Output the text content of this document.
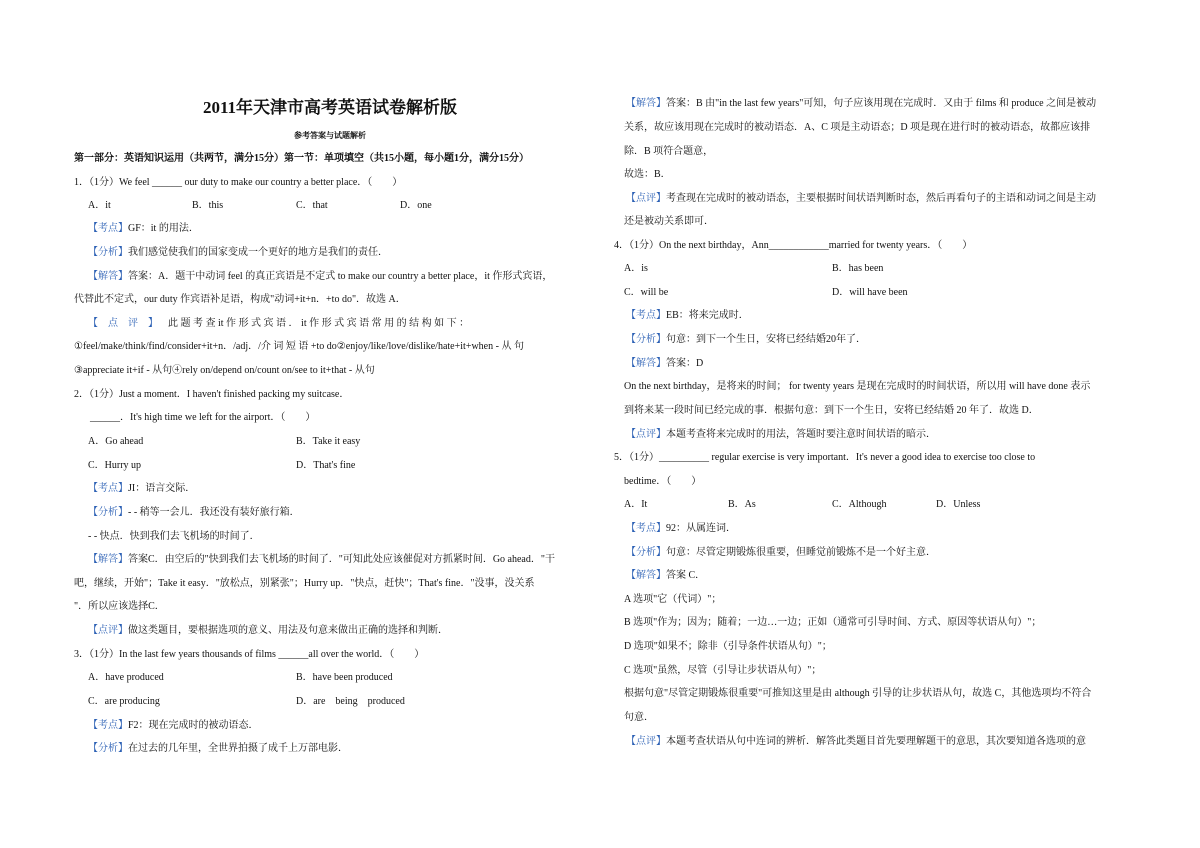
2011年天津市高考英语试卷解析版
参考答案与试题解析
第一部分：英语知识运用（共两节，满分15分）第一节：单项填空（共15小题，每小题1分，满分15分）
1．（1分）We feel ______ our duty to make our country a better place．（　　）
A．it	B．this	C．that	D．one
【考点】GF：it 的用法．
【分析】我们感觉使我们的国家变成一个更好的地方是我们的责任．
【解答】答案：A．题干中动词 feel 的真正宾语是不定式 to make our country a better place，it 作形式宾语，
代替此不定式，our duty 作宾语补足语，构成"动词+it+n．+to do"．故选 A．
【　点　评　】 此 题 考 查 it 作 形 式 宾 语 ． it 作 形 式 宾 语 常 用 的 结 构 如 下 ：
①feel/make/think/find/consider+it+n．/adj．/介 词 短 语 +to do②enjoy/like/love/dislike/hate+it+when - 从 句
③appreciate it+if - 从句④rely on/depend on/count on/see to it+that - 从句
2．（1分）Just a moment．I haven't finished packing my suitcase．
______．It's high time we left for the airport．（　　）
A．Go ahead	B．Take it easy
C．Hurry up	D．That's fine
【考点】JI：语言交际．
【分析】- - 稍等一会儿．我还没有装好旅行箱．
- - 快点．快到我们去飞机场的时间了．
【解答】答案C．由空后的"快到我们去飞机场的时间了．"可知此处应该催促对方抓紧时间．Go ahead．"干
吧，继续，开始"；Take it easy．"放松点，别紧张"；Hurry up．"快点，赶快"；That's fine．"没事，没关系
"．所以应该选择C．
【点评】做这类题目，要根据选项的意义、用法及句意来做出正确的选择和判断．
3．（1分）In the last few years thousands of films ______all over the world．（　　）
A．have produced	B．have been produced
C．are producing	D．are　being　produced
【考点】F2：现在完成时的被动语态．
【分析】在过去的几年里，全世界拍摄了成千上万部电影．
【解答】答案：B 由"in the last few years"可知，句子应该用现在完成时．又由于 films 和 produce 之间是被动
关系，故应该用现在完成时的被动语态．A、C 项是主动语态；D 项是现在进行时的被动语态，故都应该排
除．B 项符合题意，
故选：B．
【点评】考查现在完成时的被动语态，主要根据时间状语判断时态，然后再看句子的主语和动词之间是主动
还是被动关系即可．
4．（1分）On the next birthday，Ann____________married for twenty years．（　　）
A．is	B．has been
C．will be	D．will have been
【考点】EB：将来完成时．
【分析】句意：到下一个生日，安将已经结婚20年了．
【解答】答案：D
On the next birthday，是将来的时间； for twenty years 是现在完成时的时间状语，所以用 will have done 表示
到将来某一段时间已经完成的事．根据句意：到下一个生日，安将已经结婚 20 年了．故选 D．
【点评】本题考查将来完成时的用法，答题时要注意时间状语的暗示．
5．（1分）__________ regular exercise is very important．It's never a good idea to exercise too close to
bedtime．（　　）
A．It	B．As	C．Although	D．Unless
【考点】92：从属连词．
【分析】句意：尽管定期锻炼很重要，但睡觉前锻炼不是一个好主意．
【解答】答案 C．
A 选项"它（代词）"；
B 选项"作为；因为；随着；一边…一边；正如（通常可引导时间、方式、原因等状语从句）"；
D 选项"如果不；除非（引导条件状语从句）"；
C 选项"虽然，尽管（引导让步状语从句）"；
根据句意"尽管定期锻炼很重要"可推知这里是由 although 引导的让步状语从句，故选 C，其他选项均不符合
句意．
【点评】本题考查状语从句中连词的辨析．解答此类题目首先要理解题干的意思，其次要知道各选项的意
